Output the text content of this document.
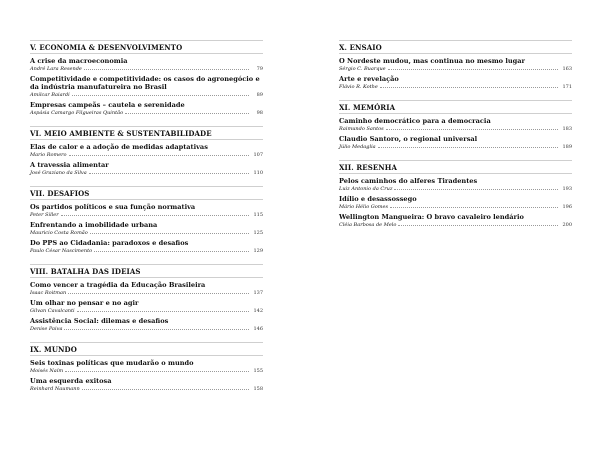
V. ECONOMIA & DESENVOLVIMENTO
A crise da macroeconomia
André Lara Resende	79
Competitividade e competitividade: os casos do agronegócio e da indústria manufatureira no Brasil
Amilcar Baiardi	89
Empresas campeãs – cautela e serenidade
Aspásia Camargo Filgueiras Quintão	98
VI. MEIO AMBIENTE & SUSTENTABILIDADE
Elas de calor e a adoção de medidas adaptativas
Mario Romero	107
A travessia alimentar
José Graziano da Silva	110
VII. DESAFIOS
Os partidos políticos e sua função normativa
Peter Siller	115
Enfrentando a imobilidade urbana
Mauricio Costa Romão	125
Do PPS ao Cidadania: paradoxos e desafios
Paulo César Nascimento	129
VIII. BATALHA DAS IDEIAS
Como vencer a tragédia da Educação Brasileira
Isaac Roitman	137
Um olhar no pensar e no agir
Gilvan Cavalcanti	142
Assistência Social: dilemas e desafios
Denise Paiva	146
IX. MUNDO
Seis toxinas políticas que mudarão o mundo
Moisés Naím	155
Uma esquerda exitosa
Reinhard Naumann	158
X. ENSAIO
O Nordeste mudou, mas continua no mesmo lugar
Sérgio C. Buarque	163
Arte e revelação
Flávio R. Kothe	171
XI. MEMÓRIA
Caminho democrático para a democracia
Raimundo Santos	183
Claudio Santoro, o regional universal
Júlio Medaglia	189
XII. RESENHA
Pelos caminhos do alferes Tiradentes
Luiz Antonio da Cruz	193
Idílio e desassossego
Mário Hélio Gomes	196
Wellington Mangueira: O bravo cavaleiro lendário
Cléia Barbosa de Melo	200
